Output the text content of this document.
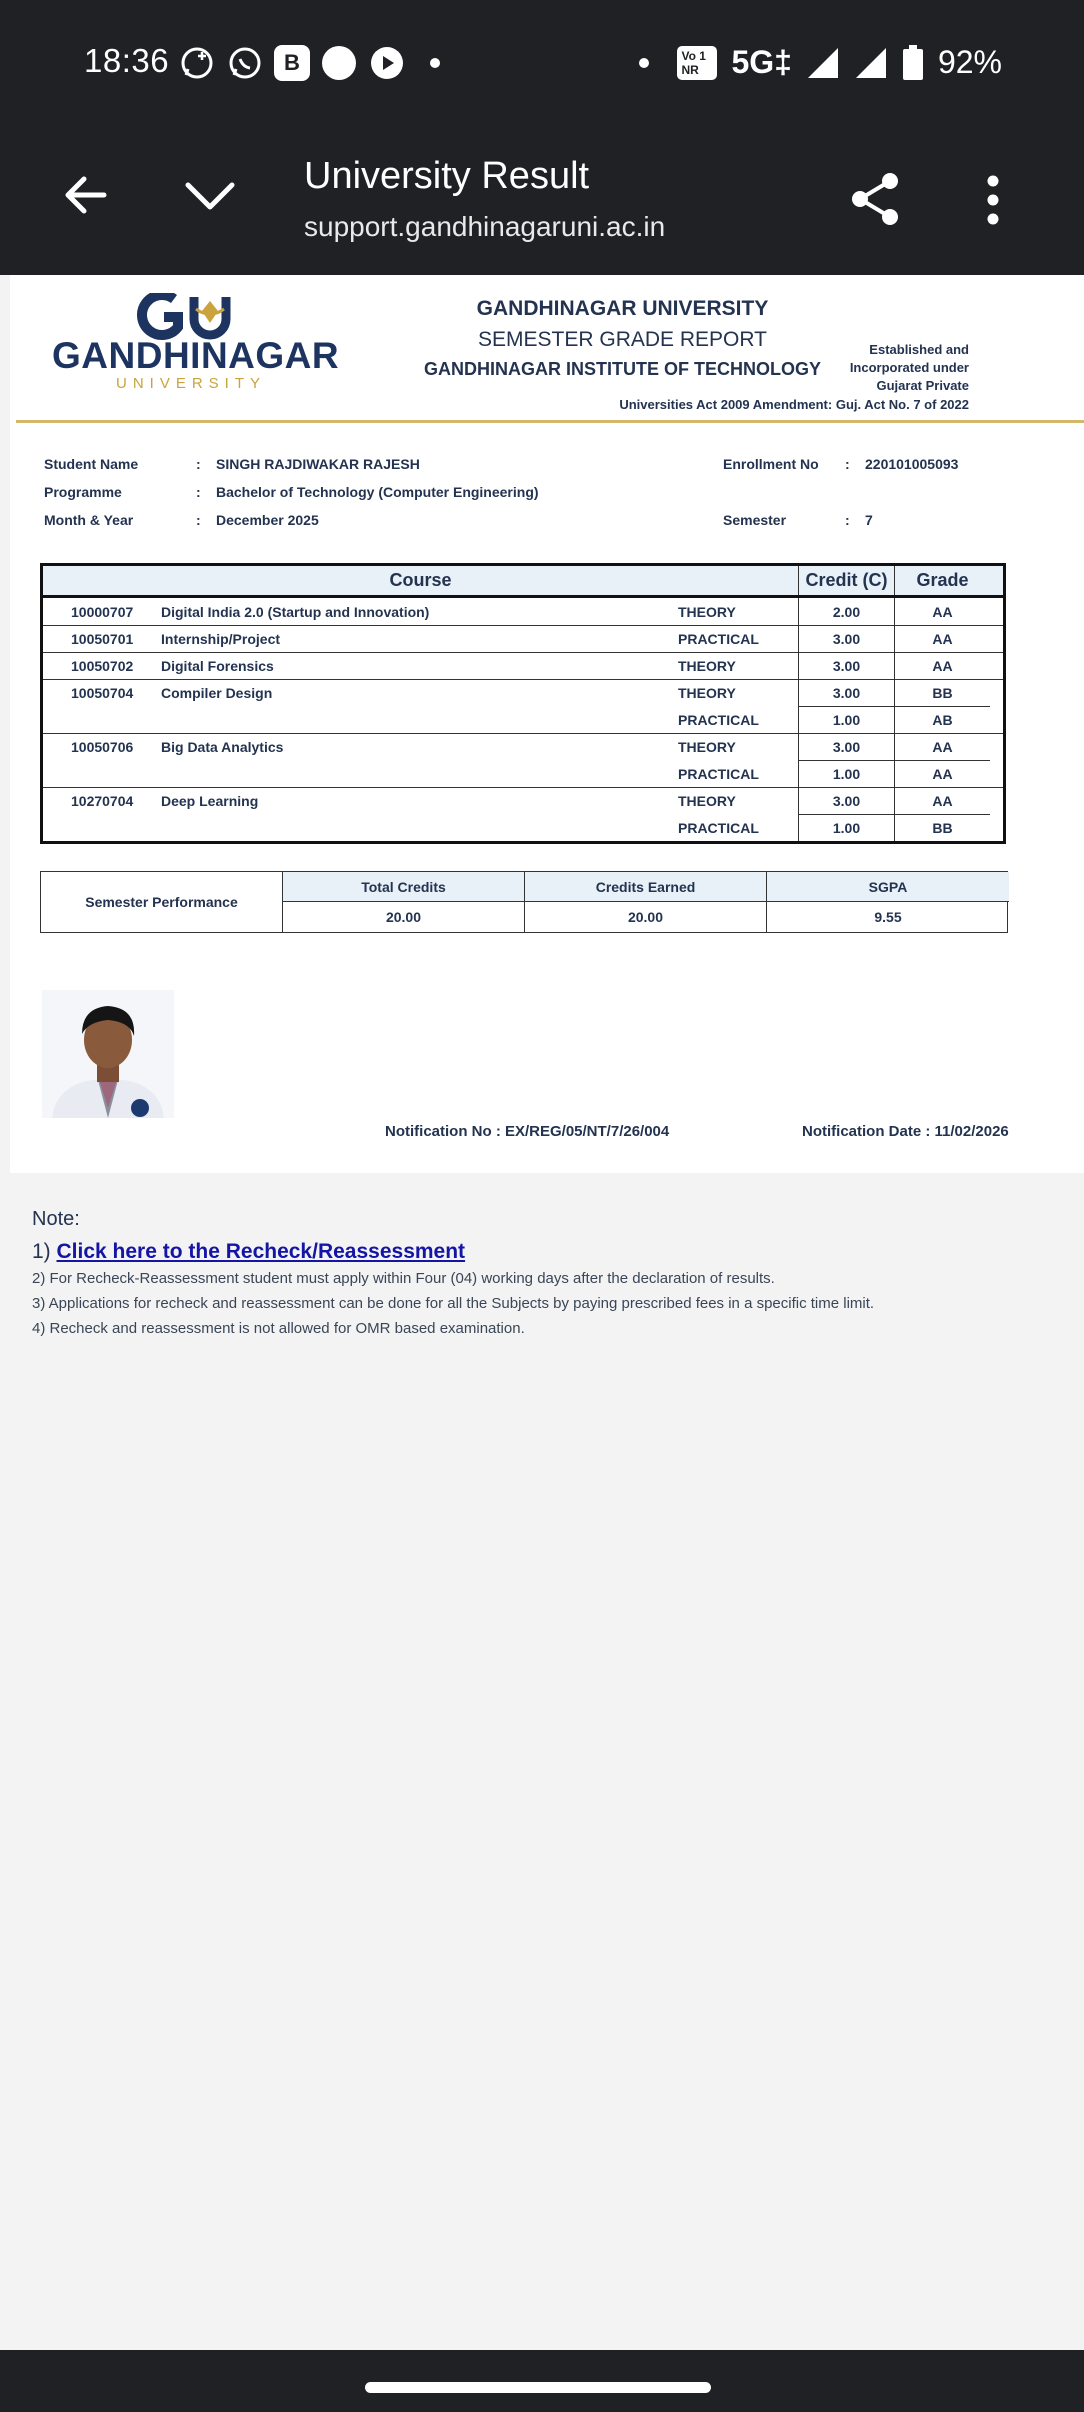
18:36	B	Vo 1
NR	5G‡	92%
University Result
support.gandhinagaruni.ac.in
GANDHINAGAR
UNIVERSITY
GANDHINAGAR UNIVERSITY
SEMESTER GRADE REPORT
GANDHINAGAR INSTITUTE OF TECHNOLOGY
Established and
Incorporated under
Gujarat Private
Universities Act 2009 Amendment: Guj. Act No. 7 of 2022
Student Name	: SINGH RAJDIWAKAR RAJESH
Programme	: Bachelor of Technology (Computer Engineering)
Month & Year	: December 2025
Enrollment No : 220101005093
Semester	: 7
Course	Credit (C)	Grade
10000707	Digital India 2.0 (Startup and Innovation)	THEORY	2.00	AA
10050701	Internship/Project	PRACTICAL	3.00	AA
10050702	Digital Forensics	THEORY	3.00	AA
10050704	Compiler Design	THEORY	3.00	BB
PRACTICAL	1.00	AB
10050706	Big Data Analytics	THEORY	3.00	AA
PRACTICAL	1.00	AA
10270704	Deep Learning	THEORY	3.00	AA
PRACTICAL	1.00	BB
Semester Performance
Total Credits	Credits Earned	SGPA
20.00	20.00	9.55
Notification No : EX/REG/05/NT/7/26/004	Notification Date : 11/02/2026
Note:
1) Click here to the Recheck/Reassessment
2) For Recheck-Reassessment student must apply within Four (04) working days after the declaration of results.
3) Applications for recheck and reassessment can be done for all the Subjects by paying prescribed fees in a specific time limit.
4) Recheck and reassessment is not allowed for OMR based examination.
